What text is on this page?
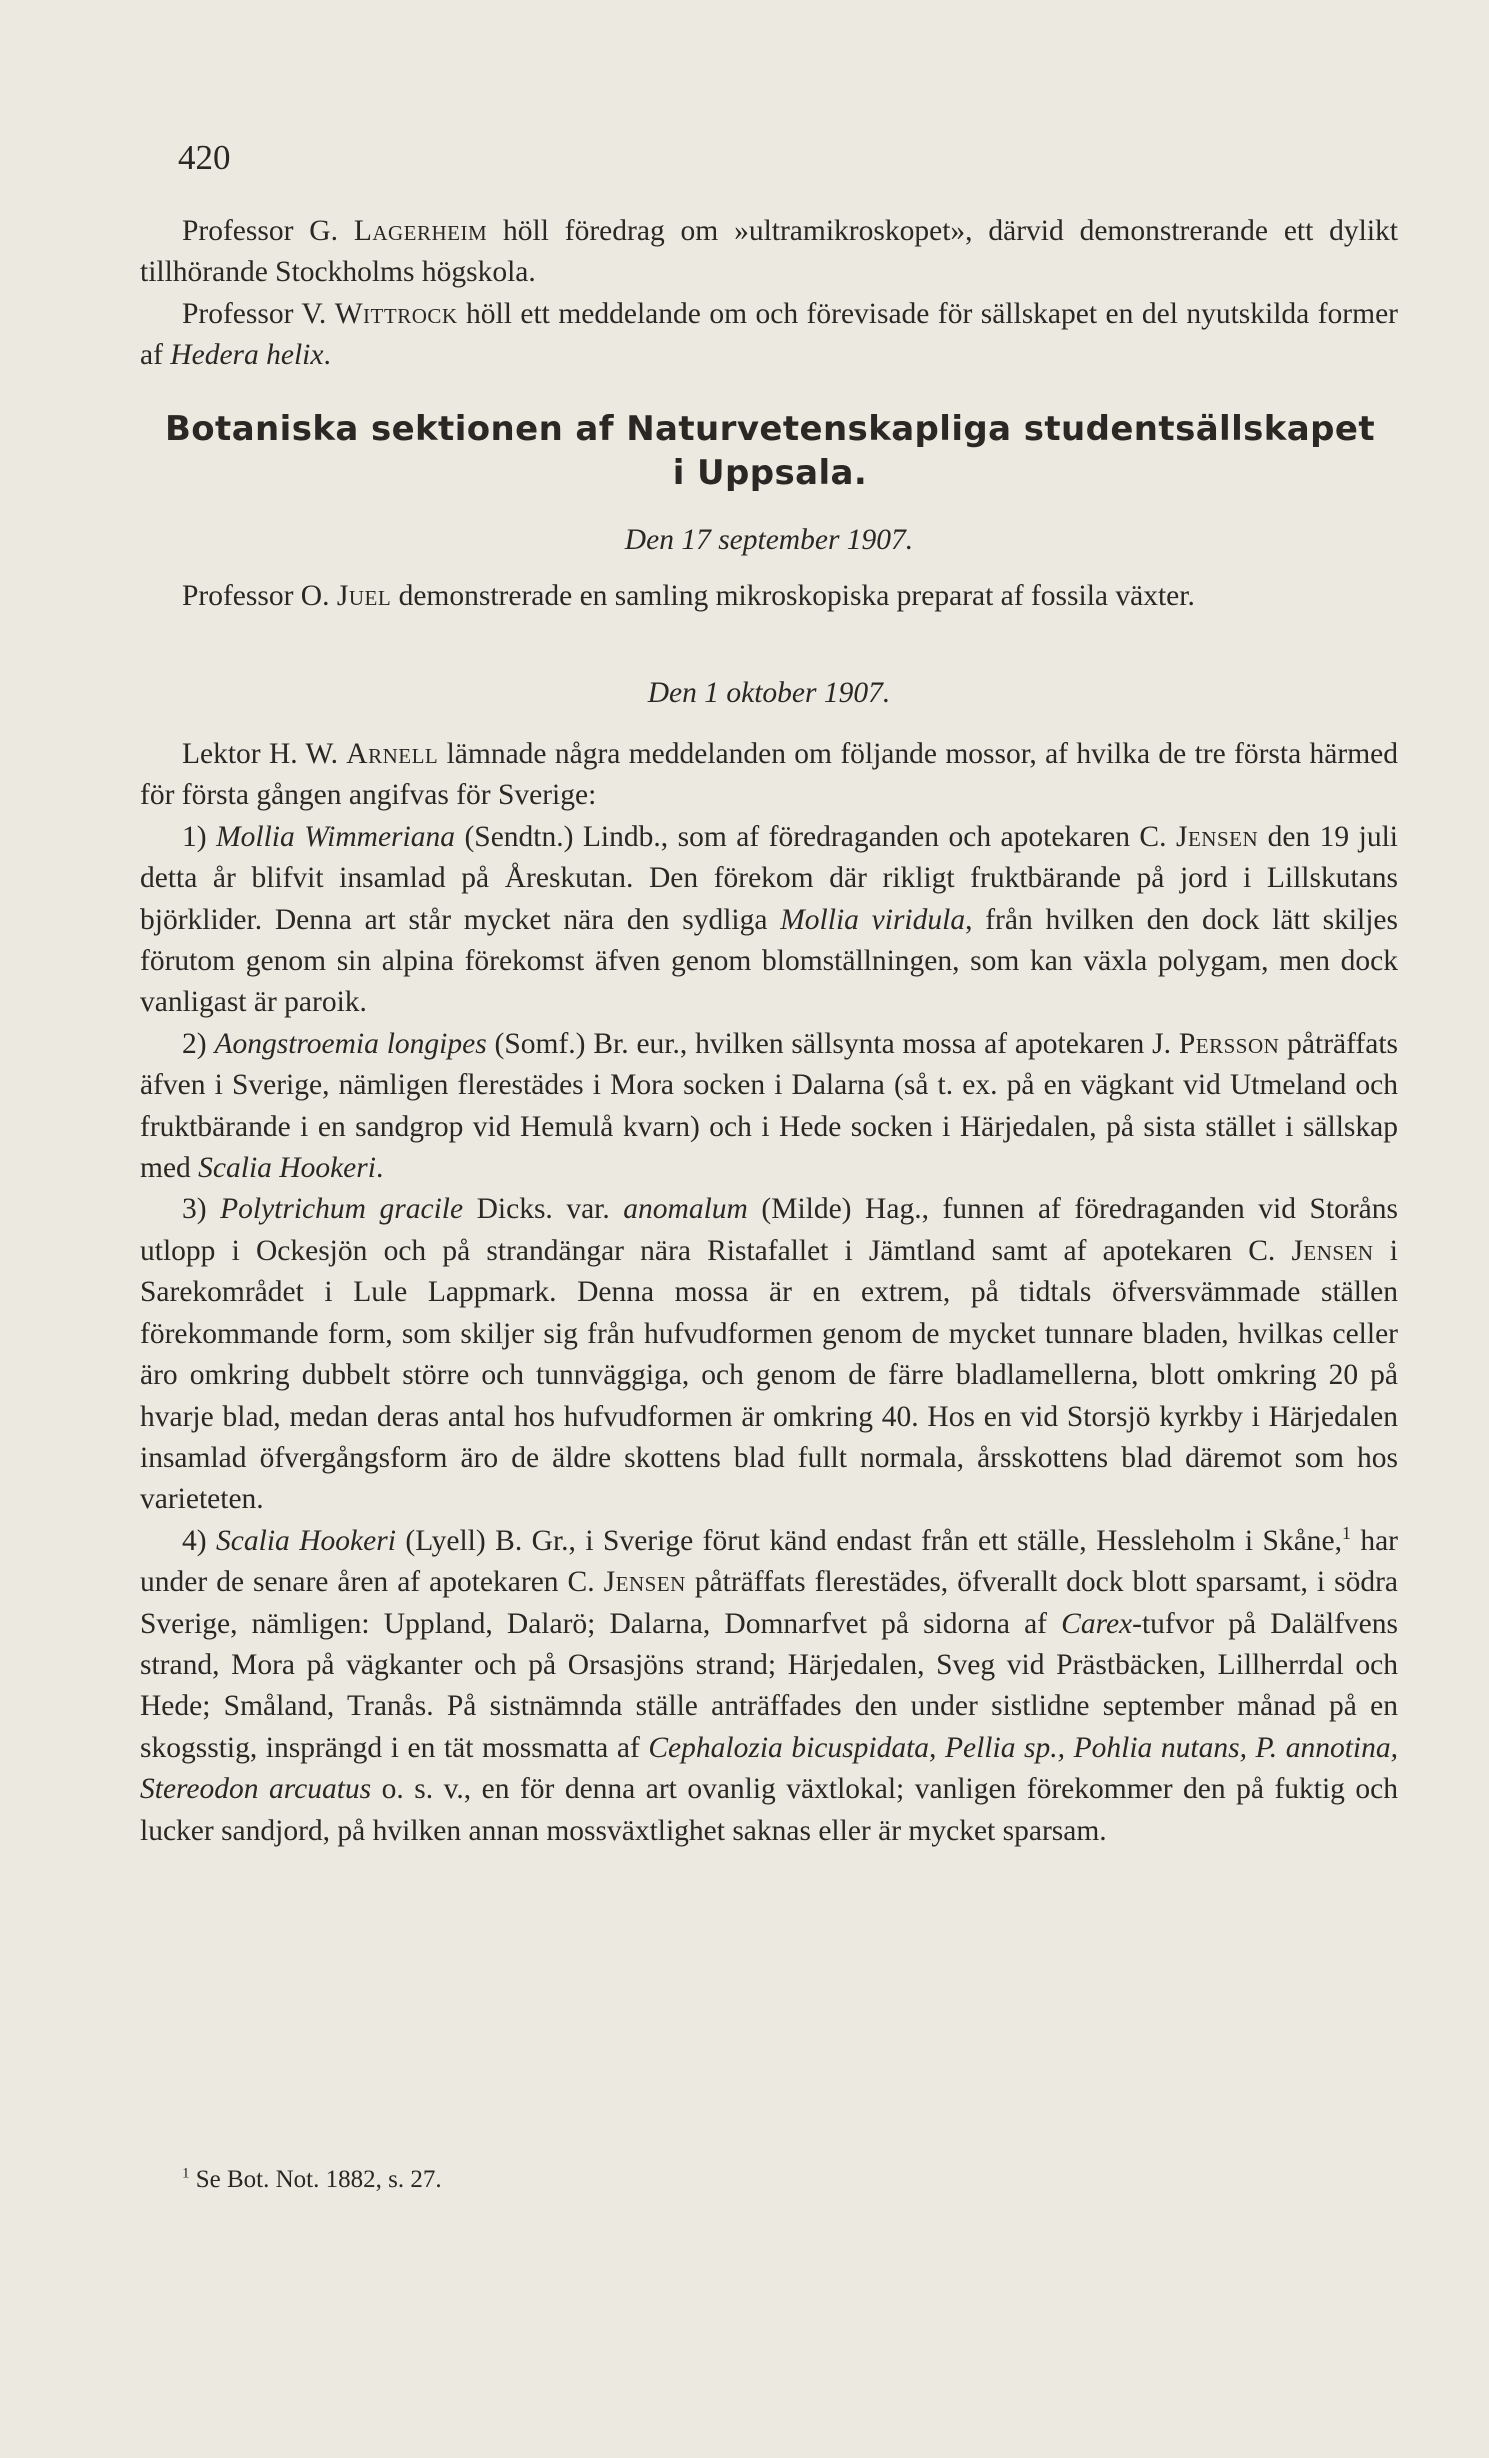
420

Professor G. Lagerheim höll föredrag om »ultramikroskopet», därvid demonstrerande ett dylikt tillhörande Stockholms högskola.

Professor V. Wittrock höll ett meddelande om och förevisade för sällskapet en del nyutskilda former af Hedera helix.

Botaniska sektionen af Naturvetenskapliga studentsällskapet
i Uppsala.
Den 17 september 1907.

Professor O. Juel demonstrerade en samling mikroskopiska preparat af fossila växter.

Den 1 oktober 1907.

Lektor H. W. Arnell lämnade några meddelanden om följande mossor, af hvilka de tre första härmed för första gången angifvas för Sverige:

1) Mollia Wimmeriana (Sendtn.) Lindb., som af föredraganden och apotekaren C. Jensen den 19 juli detta år blifvit insamlad på Åreskutan. Den förekom där rikligt fruktbärande på jord i Lillskutans björklider. Denna art står mycket nära den sydliga Mollia viridula, från hvilken den dock lätt skiljes förutom genom sin alpina förekomst äfven genom blomställningen, som kan växla polygam, men dock vanligast är paroik.

2) Aongstroemia longipes (Somf.) Br. eur., hvilken sällsynta mossa af apotekaren J. Persson påträffats äfven i Sverige, nämligen flerestädes i Mora socken i Dalarna (så t. ex. på en vägkant vid Utmeland och fruktbärande i en sandgrop vid Hemulå kvarn) och i Hede socken i Härjedalen, på sista stället i sällskap med Scalia Hookeri.

3) Polytrichum gracile Dicks. var. anomalum (Milde) Hag., funnen af föredraganden vid Storåns utlopp i Ockesjön och på strandängar nära Ristafallet i Jämtland samt af apotekaren C. Jensen i Sarekområdet i Lule Lappmark. Denna mossa är en extrem, på tidtals öfversvämmade ställen förekommande form, som skiljer sig från hufvudformen genom de mycket tunnare bladen, hvilkas celler äro omkring dubbelt större och tunnväggiga, och genom de färre bladlamellerna, blott omkring 20 på hvarje blad, medan deras antal hos hufvudformen är omkring 40. Hos en vid Storsjö kyrkby i Härjedalen insamlad öfvergångsform äro de äldre skottens blad fullt normala, årsskottens blad däremot som hos varieteten.

4) Scalia Hookeri (Lyell) B. Gr., i Sverige förut känd endast från ett ställe, Hessleholm i Skåne,$^1$ har under de senare åren af apotekaren C. Jensen påträffats flerestädes, öfverallt dock blott sparsamt, i södra Sverige, nämligen: Uppland, Dalarö; Dalarna, Domnarfvet på sidorna af Carex-tufvor på Dalälfvens strand, Mora på vägkanter och på Orsasjöns strand; Härjedalen, Sveg vid Prästbäcken, Lillherrdal och Hede; Småland, Tranås. På sistnämnda ställe anträffades den under sistlidne september månad på en skogsstig, insprängd i en tät mossmatta af Cephalozia bicuspidata, Pellia sp., Pohlia nutans, P. annotina, Stereodon arcuatus o. s. v., en för denna art ovanlig växtlokal; vanligen förekommer den på fuktig och lucker sandjord, på hvilken annan mossväxtlighet saknas eller är mycket sparsam.

$^1$ Se Bot. Not. 1882, s. 27.
